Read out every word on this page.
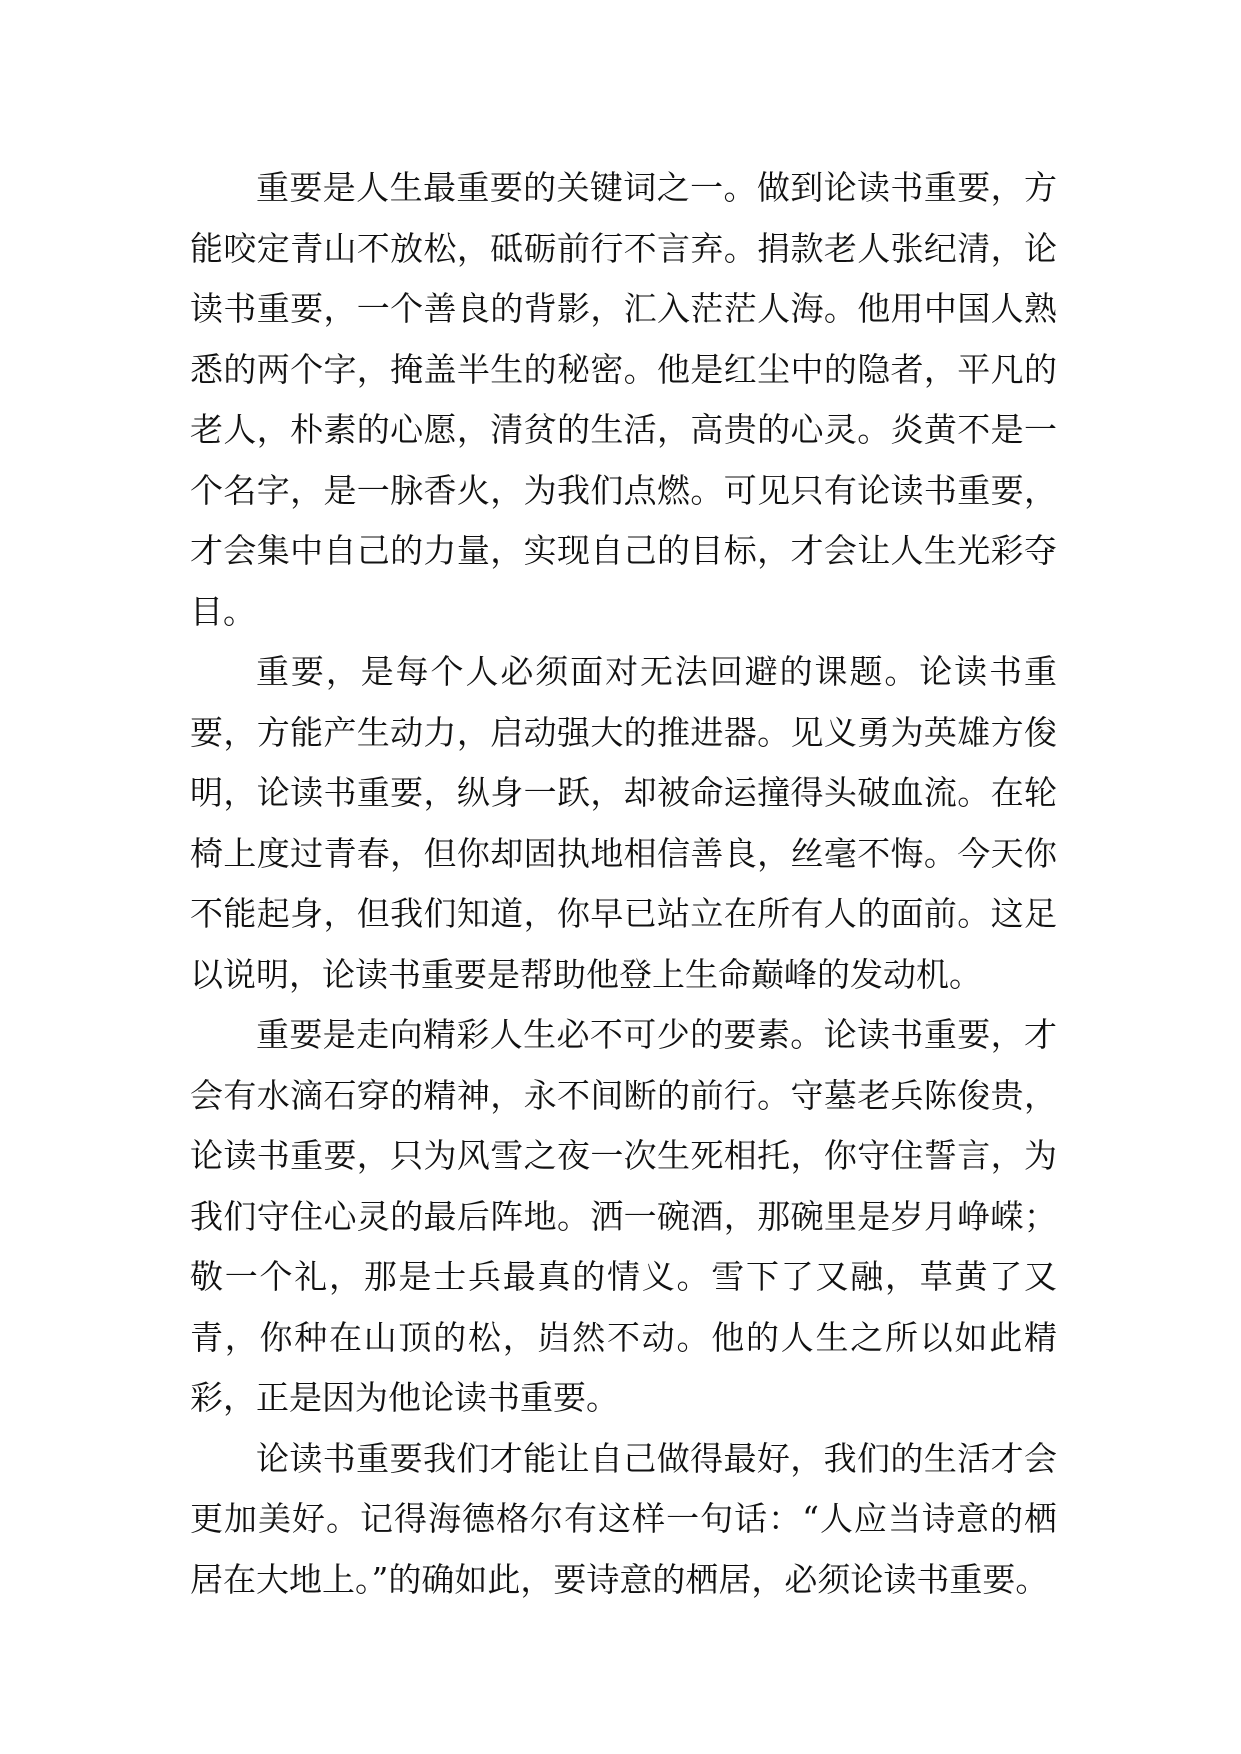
重要是人生最重要的关键词之一。做到论读书重要，方能咬定青山不放松，砥砺前行不言弃。捐款老人张纪清，论读书重要，一个善良的背影，汇入茫茫人海。他用中国人熟悉的两个字，掩盖半生的秘密。他是红尘中的隐者，平凡的老人，朴素的心愿，清贫的生活，高贵的心灵。炎黄不是一个名字，是一脉香火，为我们点燃。可见只有论读书重要，才会集中自己的力量，实现自己的目标，才会让人生光彩夺目。

重要，是每个人必须面对无法回避的课题。论读书重要，方能产生动力，启动强大的推进器。见义勇为英雄方俊明，论读书重要，纵身一跃，却被命运撞得头破血流。在轮椅上度过青春，但你却固执地相信善良，丝毫不悔。今天你不能起身，但我们知道，你早已站立在所有人的面前。这足以说明，论读书重要是帮助他登上生命巅峰的发动机。

重要是走向精彩人生必不可少的要素。论读书重要，才会有水滴石穿的精神，永不间断的前行。守墓老兵陈俊贵，论读书重要，只为风雪之夜一次生死相托，你守住誓言，为我们守住心灵的最后阵地。洒一碗酒，那碗里是岁月峥嵘；敬一个礼，那是士兵最真的情义。雪下了又融，草黄了又青，你种在山顶的松，岿然不动。他的人生之所以如此精彩，正是因为他论读书重要。

论读书重要我们才能让自己做得最好，我们的生活才会更加美好。记得海德格尔有这样一句话：“人应当诗意的栖居在大地上。”的确如此，要诗意的栖居，必须论读书重要。
